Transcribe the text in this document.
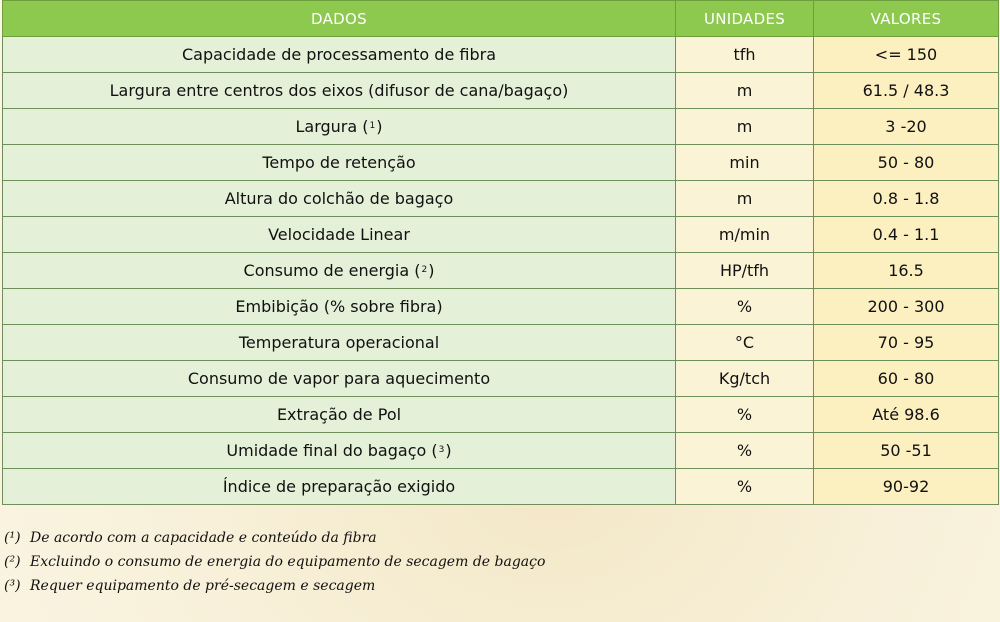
DADOS	UNIDADES	VALORES
Capacidade de processamento de fibra	tfh	<= 150
Largura entre centros dos eixos (difusor de cana/bagaço)	m	61.5 / 48.3
Largura ($^1$)	m	3 -20
Tempo de retenção	min	50 - 80
Altura do colchão de bagaço	m	0.8 - 1.8
Velocidade Linear	m/min	0.4 - 1.1
Consumo de energia ($^2$)	HP/tfh	16.5
Embibição (% sobre fibra)	%	200 - 300
Temperatura operacional	°C	70 - 95
Consumo de vapor para aquecimento	Kg/tch	60 - 80
Extração de Pol	%	Até 98.6
Umidade final do bagaço ($^3$)	%	50 -51
Índice de preparação exigido	%	90-92
(¹) De acordo com a capacidade e conteúdo da fibra
(²) Excluindo o consumo de energia do equipamento de secagem de bagaço
(³) Requer equipamento de pré-secagem e secagem
